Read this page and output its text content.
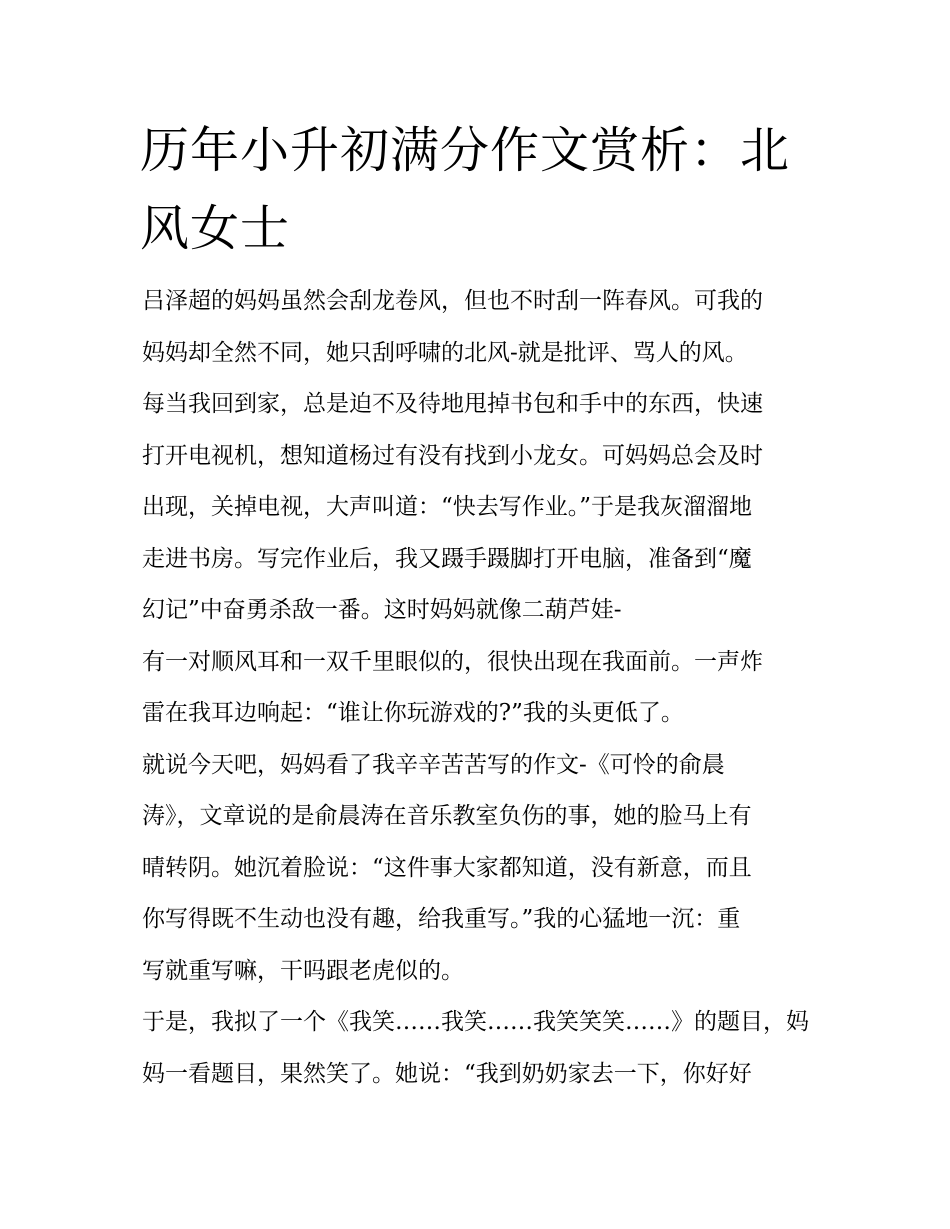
历年小升初满分作文赏析：北
风女士

吕泽超的妈妈虽然会刮龙卷风，但也不时刮一阵春风。可我的

妈妈却全然不同，她只刮呼啸的北风-就是批评、骂人的风。

每当我回到家，总是迫不及待地甩掉书包和手中的东西，快速

打开电视机，想知道杨过有没有找到小龙女。可妈妈总会及时

出现，关掉电视，大声叫道：“快去写作业。”于是我灰溜溜地

走进书房。写完作业后，我又蹑手蹑脚打开电脑，准备到“魔

幻记”中奋勇杀敌一番。这时妈妈就像二葫芦娃-

有一对顺风耳和一双千里眼似的，很快出现在我面前。一声炸

雷在我耳边响起：“谁让你玩游戏的?”我的头更低了。

就说今天吧，妈妈看了我辛辛苦苦写的作文-《可怜的俞晨

涛》，文章说的是俞晨涛在音乐教室负伤的事，她的脸马上有

晴转阴。她沉着脸说：“这件事大家都知道，没有新意，而且

你写得既不生动也没有趣，给我重写。”我的心猛地一沉：重

写就重写嘛，干吗跟老虎似的。

于是，我拟了一个《我笑……我笑……我笑笑笑……》的题目，妈

妈一看题目，果然笑了。她说：“我到奶奶家去一下，你好好
